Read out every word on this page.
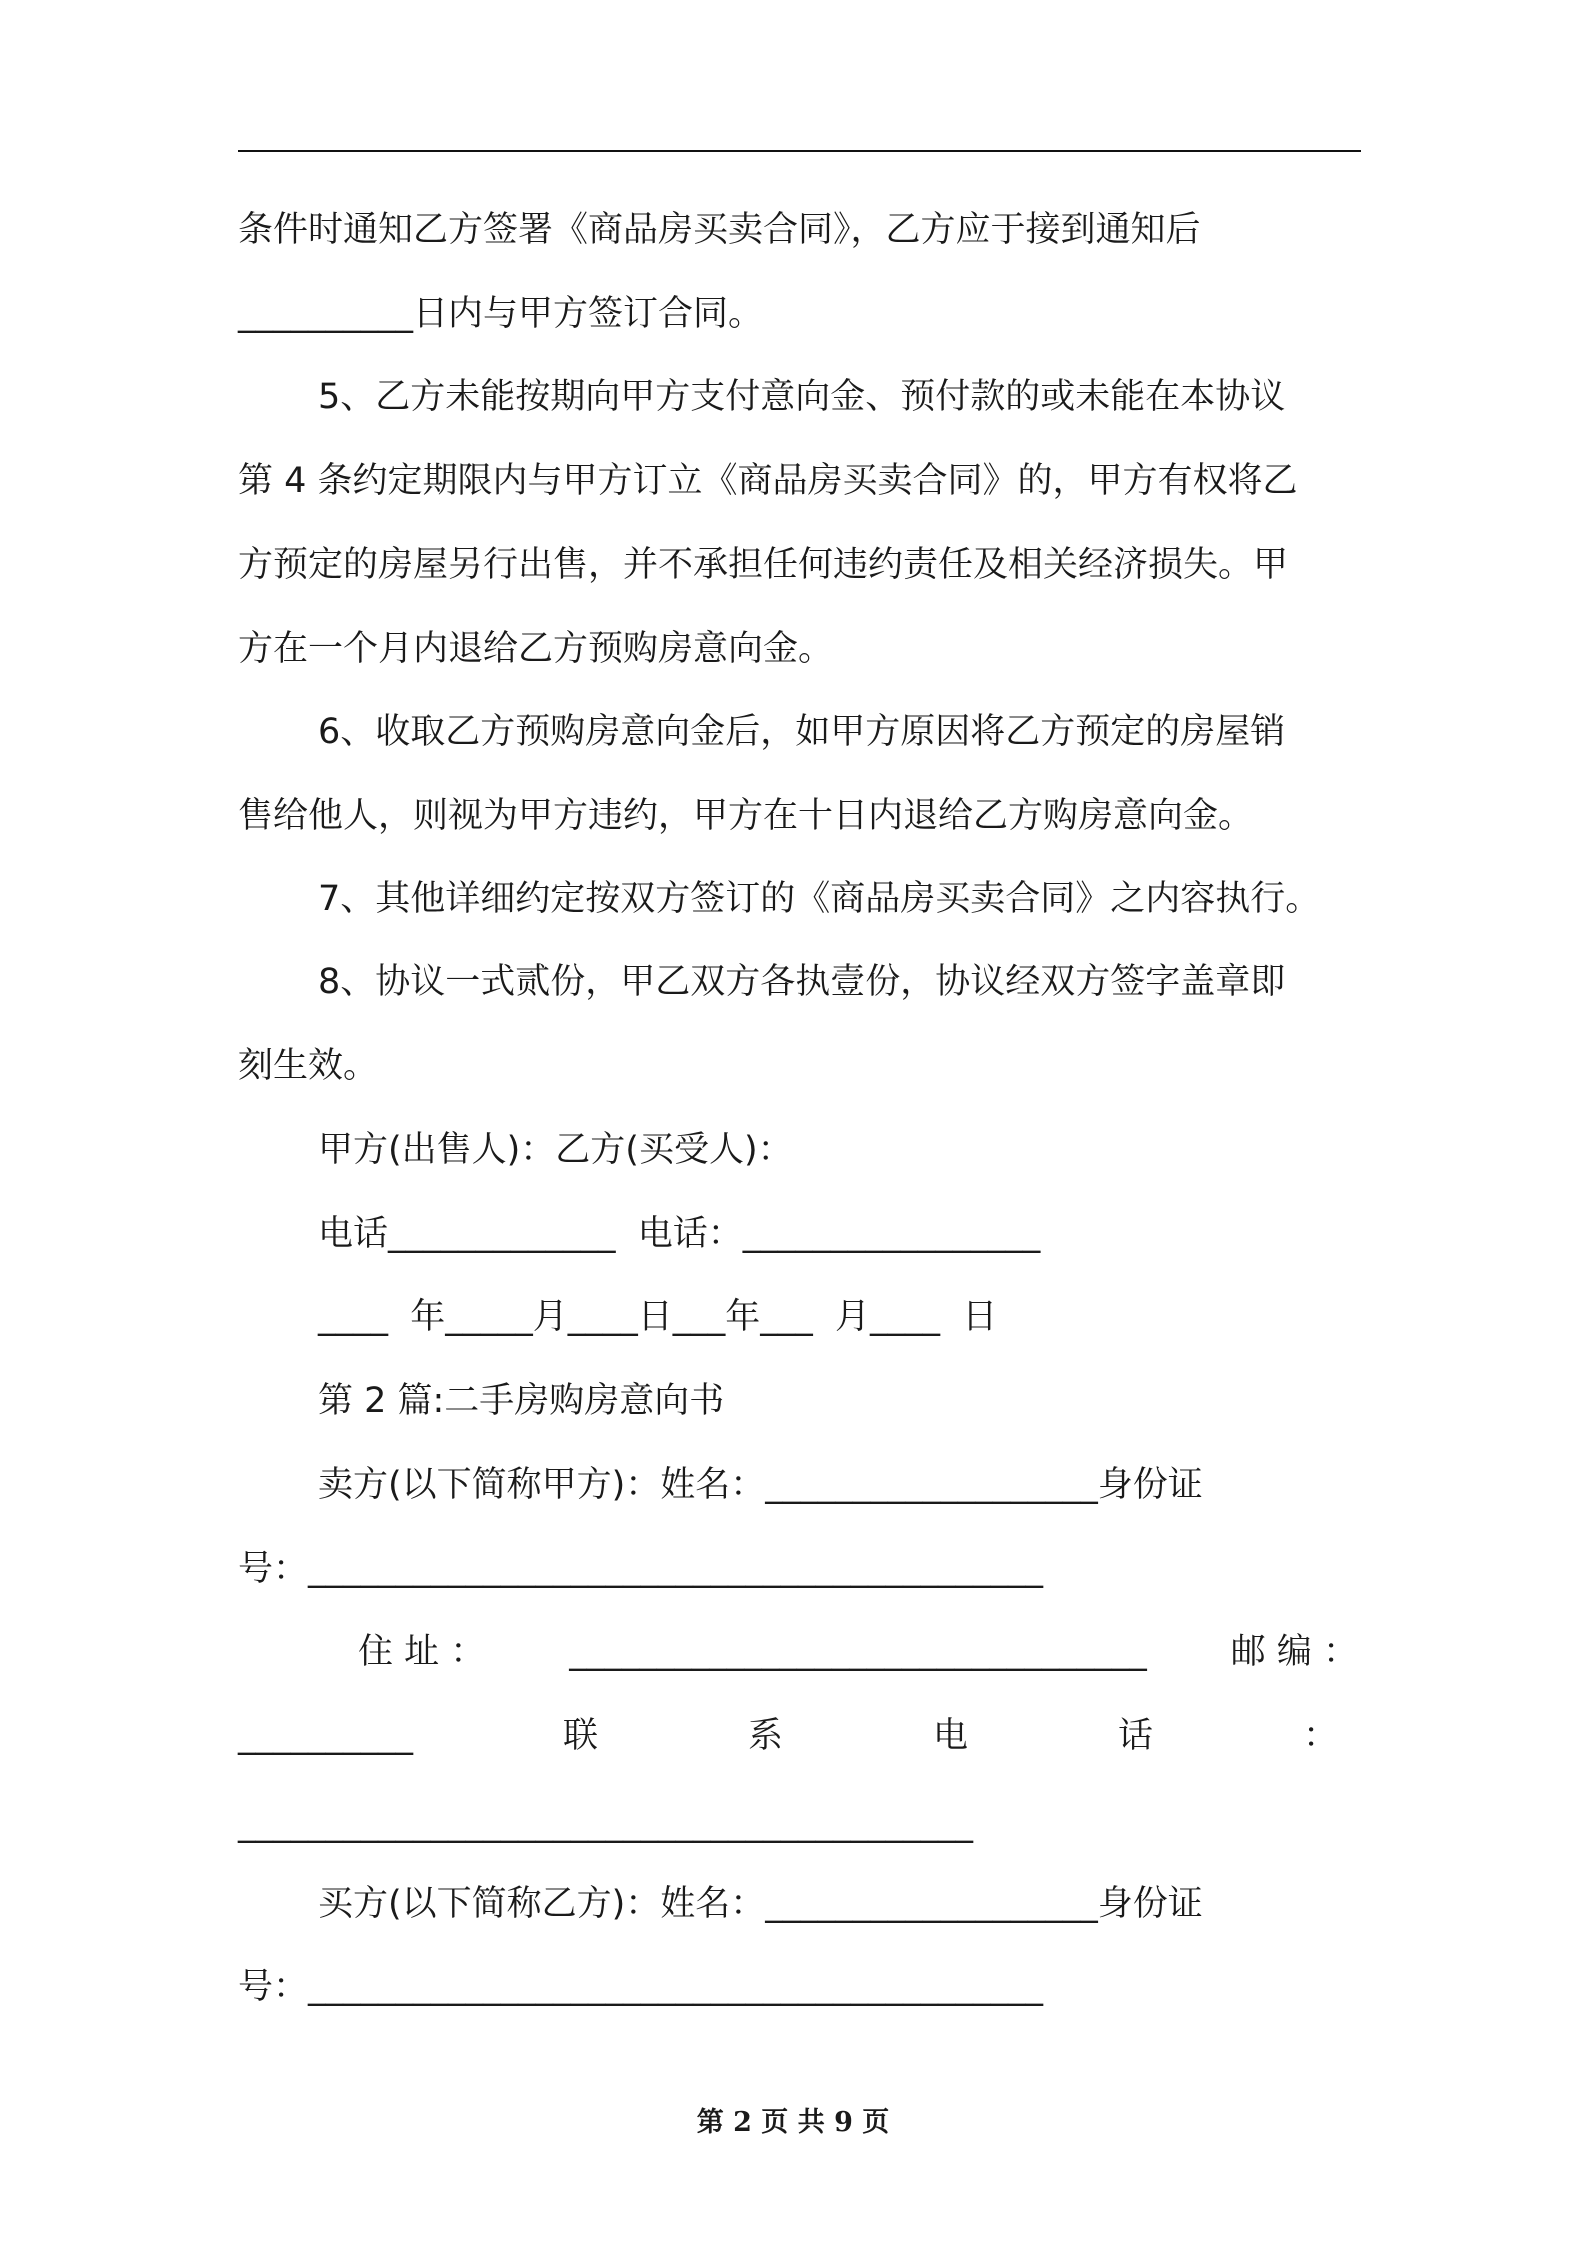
条件时通知乙方签署《商品房买卖合同》，乙方应于接到通知后
__________日内与甲方签订合同。
5、乙方未能按期向甲方支付意向金、预付款的或未能在本协议
第 4 条约定期限内与甲方订立《商品房买卖合同》的，甲方有权将乙
方预定的房屋另行出售，并不承担任何违约责任及相关经济损失。甲
方在一个月内退给乙方预购房意向金。
6、收取乙方预购房意向金后，如甲方原因将乙方预定的房屋销
售给他人，则视为甲方违约，甲方在十日内退给乙方购房意向金。
7、其他详细约定按双方签订的《商品房买卖合同》之内容执行。
8、协议一式贰份，甲乙双方各执壹份，协议经双方签字盖章即
刻生效。
甲方(出售人)：乙方(买受人)：
电话_____________  电话：_________________
____  年_____月____日___年___  月____  日
第 2 篇:二手房购房意向书
卖方(以下简称甲方)：姓名：___________________身份证
号：__________________________________________
住 址 ： _________________________________ 邮 编 ：
__________	联	系	电	话	：
__________________________________________
买方(以下简称乙方)：姓名：___________________身份证
号：__________________________________________
第 2 页 共 9 页
